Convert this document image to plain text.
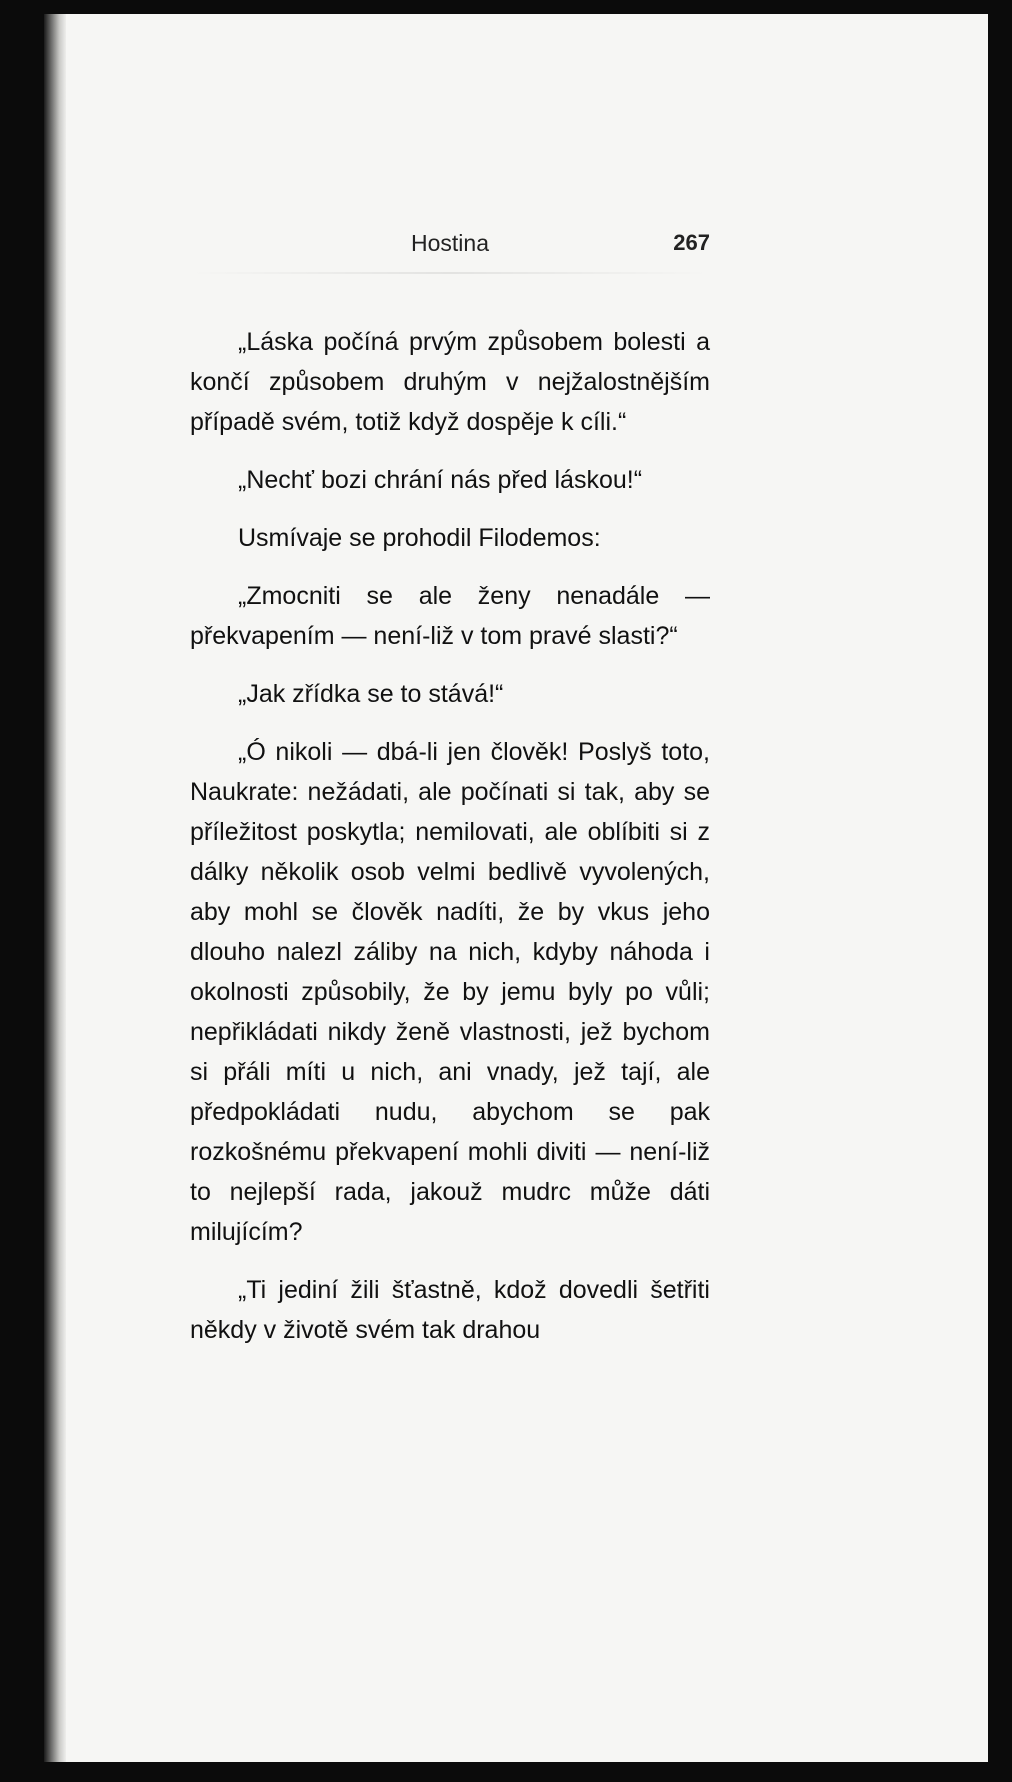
Hostina	267

„Láska počíná prvým způsobem bolesti a končí způsobem druhým v nejžalostnějším případě svém, totiž když dospěje k cíli.“

„Nechť bozi chrání nás před láskou!“

Usmívaje se prohodil Filodemos:

„Zmocniti se ale ženy nenadále — překvapením — není-liž v tom pravé slasti?“

„Jak zřídka se to stává!“

„Ó nikoli — dbá-li jen člověk! Poslyš toto, Naukrate: nežádati, ale počínati si tak, aby se příležitost poskytla; nemilovati, ale oblíbiti si z dálky několik osob velmi bedlivě vyvolených, aby mohl se člověk nadíti, že by vkus jeho dlouho nalezl záliby na nich, kdyby náhoda i okolnosti způsobily, že by jemu byly po vůli; nepřikládati nikdy ženě vlastnosti, jež bychom si přáli míti u nich, ani vnady, jež tají, ale předpokládati nudu, abychom se pak rozkošnému překvapení mohli diviti — není-liž to nejlepší rada, jakouž mudrc může dáti milujícím?

„Ti jediní žili šťastně, kdož dovedli šetřiti někdy v životě svém tak drahou
